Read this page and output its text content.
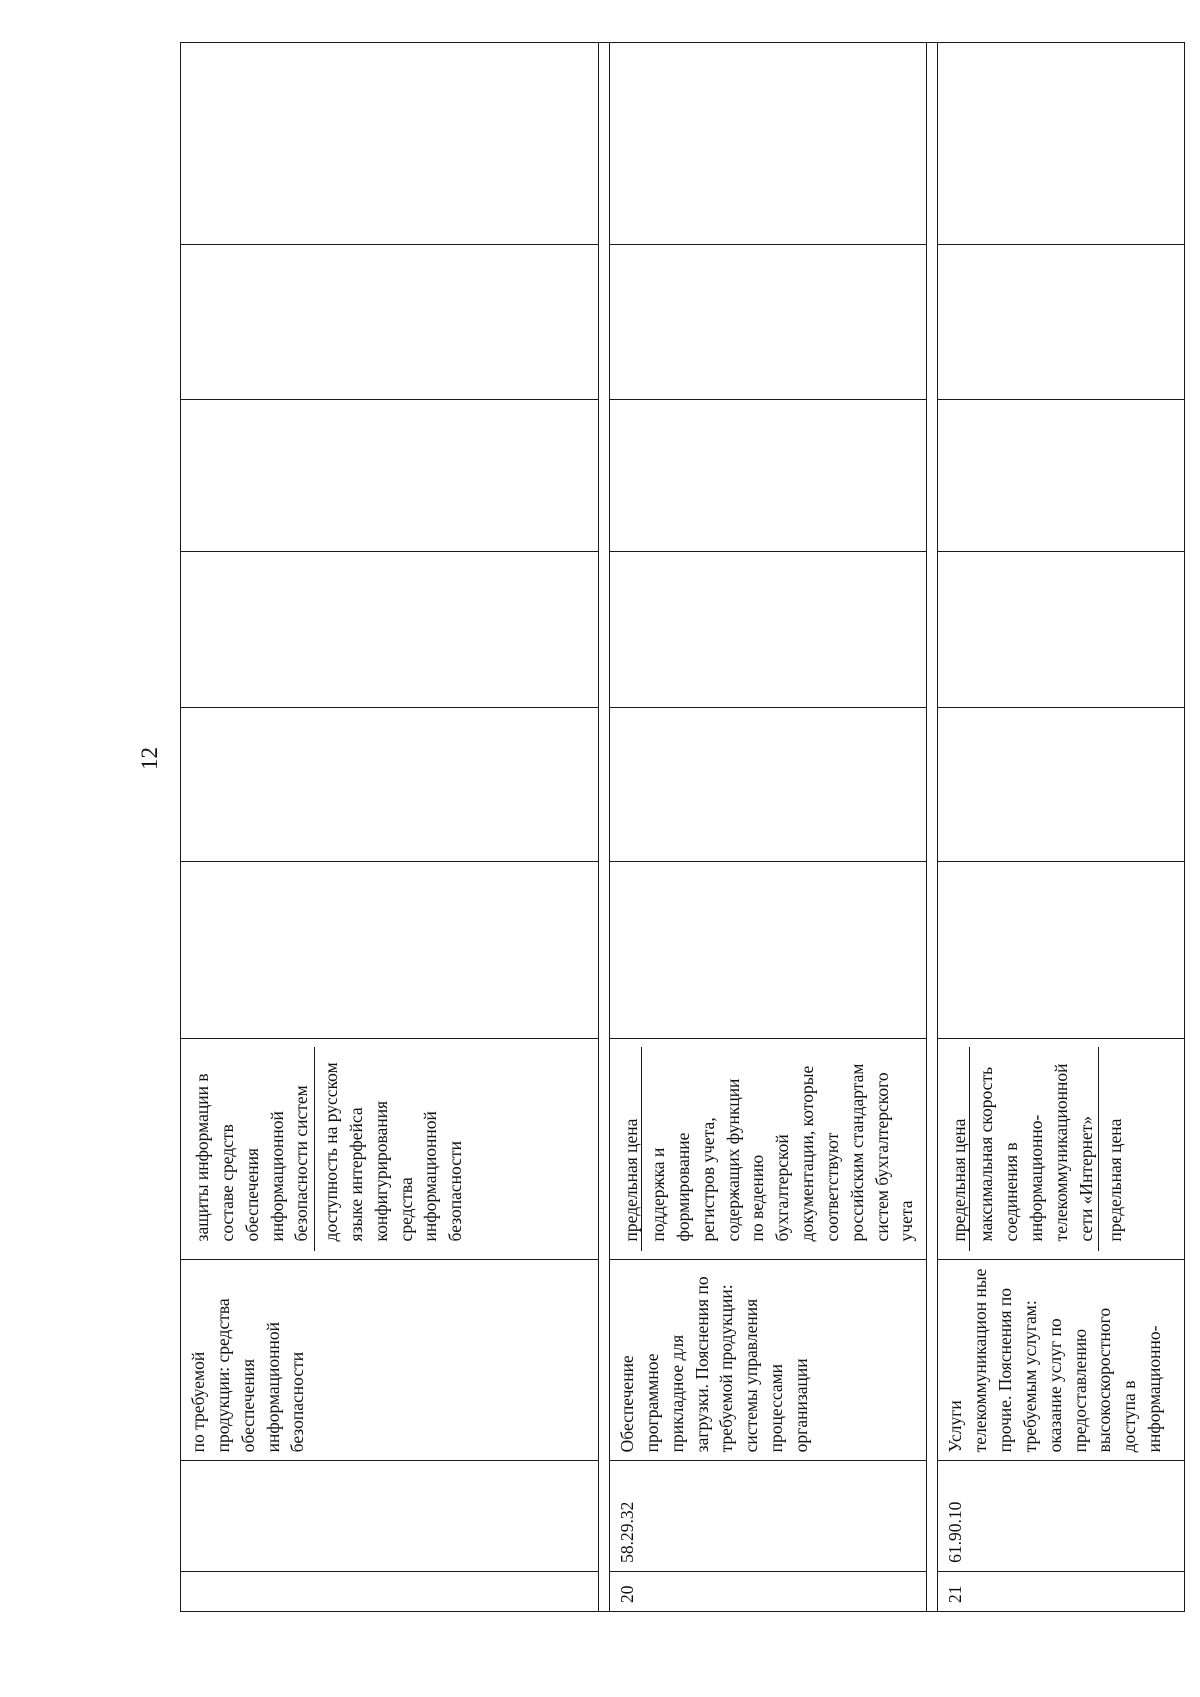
12
		по требуемой продукции: средства обеспечения информационной безопасности	защиты информации в составе средств обеспечения информационной безопасности систем доступность на русском языке интерфейса конфигурирования средства информационной безопасности						

20	58.29.32	Обеспечение программное прикладное для загрузки. Пояснения по требуемой продукции: системы управления процессами организации	предельная цена поддержка и формирование регистров учета, содержащих функции по ведению бухгалтерской документации, которые соответствуют российским стандартам систем бухгалтерского учета						

21	61.90.10	Услуги телекоммуникацион ные прочие. Пояснения по требуемым услугам: оказание услуг по предоставлению высокоскоростного доступа в информационно-	предельная цена максимальная скорость соединения в информационно-телекоммуникационной сети «Интернет» предельная цена						
